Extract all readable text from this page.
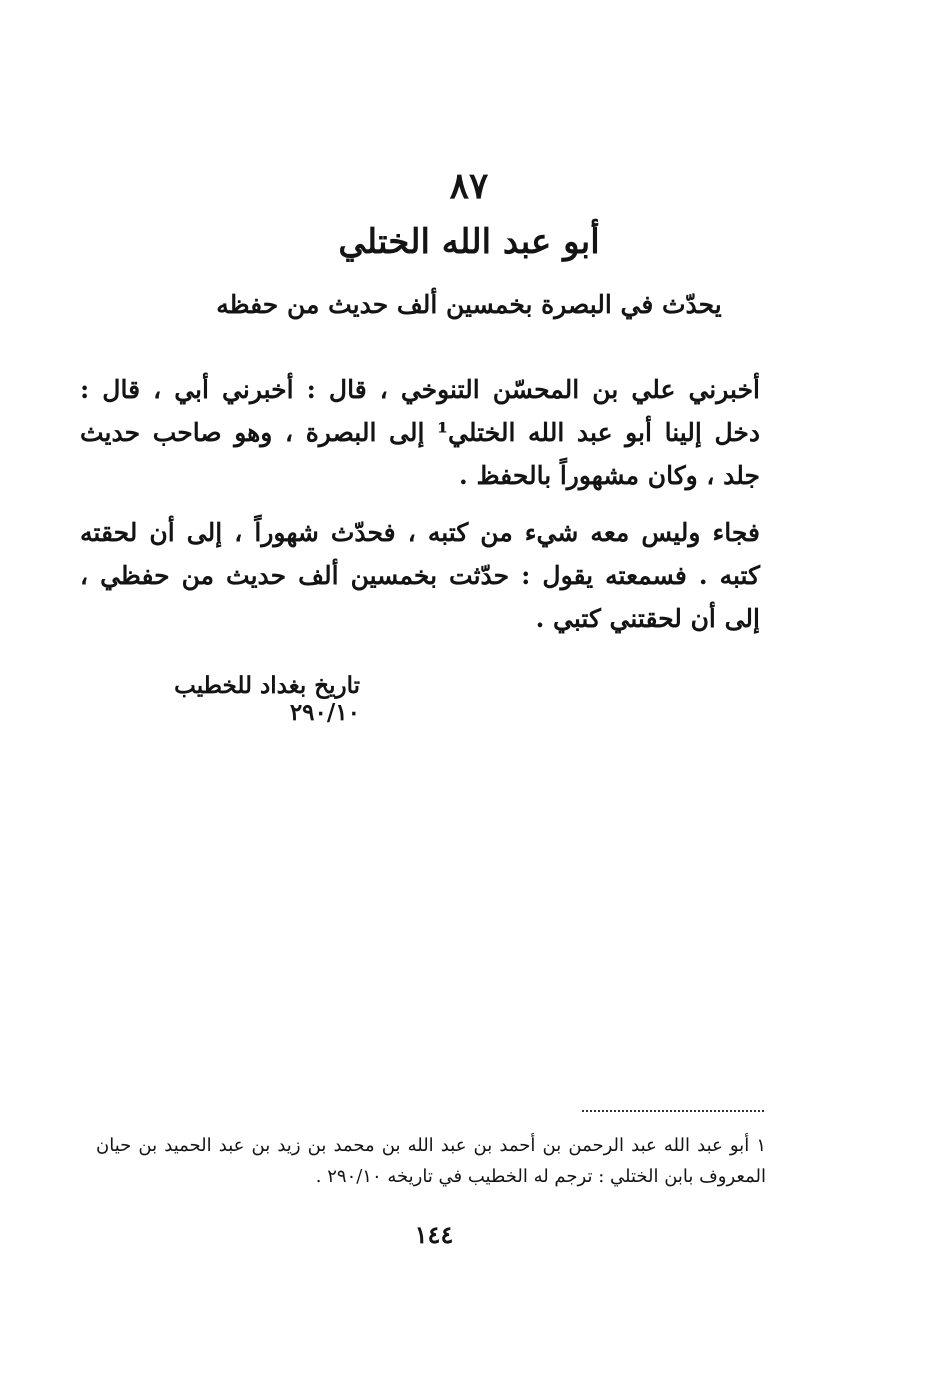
٨٧
أبو عبد الله الختلي
يحدّث في البصرة بخمسين ألف حديث من حفظه

أخبرني علي بن المحسّن التنوخي ، قال : أخبرني أبي ، قال : دخل إلينا أبو عبد الله الختلي¹ إلى البصرة ، وهو صاحب حديث جلد ، وكان مشهوراً بالحفظ .

فجاء وليس معه شيء من كتبه ، فحدّث شهوراً ، إلى أن لحقته كتبه . فسمعته يقول : حدّثت بخمسين ألف حديث من حفظي ، إلى أن لحقتني كتبي .

تاريخ بغداد للخطيب ٢٩٠/١٠

١ أبو عبد الله عبد الرحمن بن أحمد بن عبد الله بن محمد بن زيد بن عبد الحميد بن حيان المعروف بابن الختلي : ترجم له الخطيب في تاريخه ٢٩٠/١٠ .

١٤٤
